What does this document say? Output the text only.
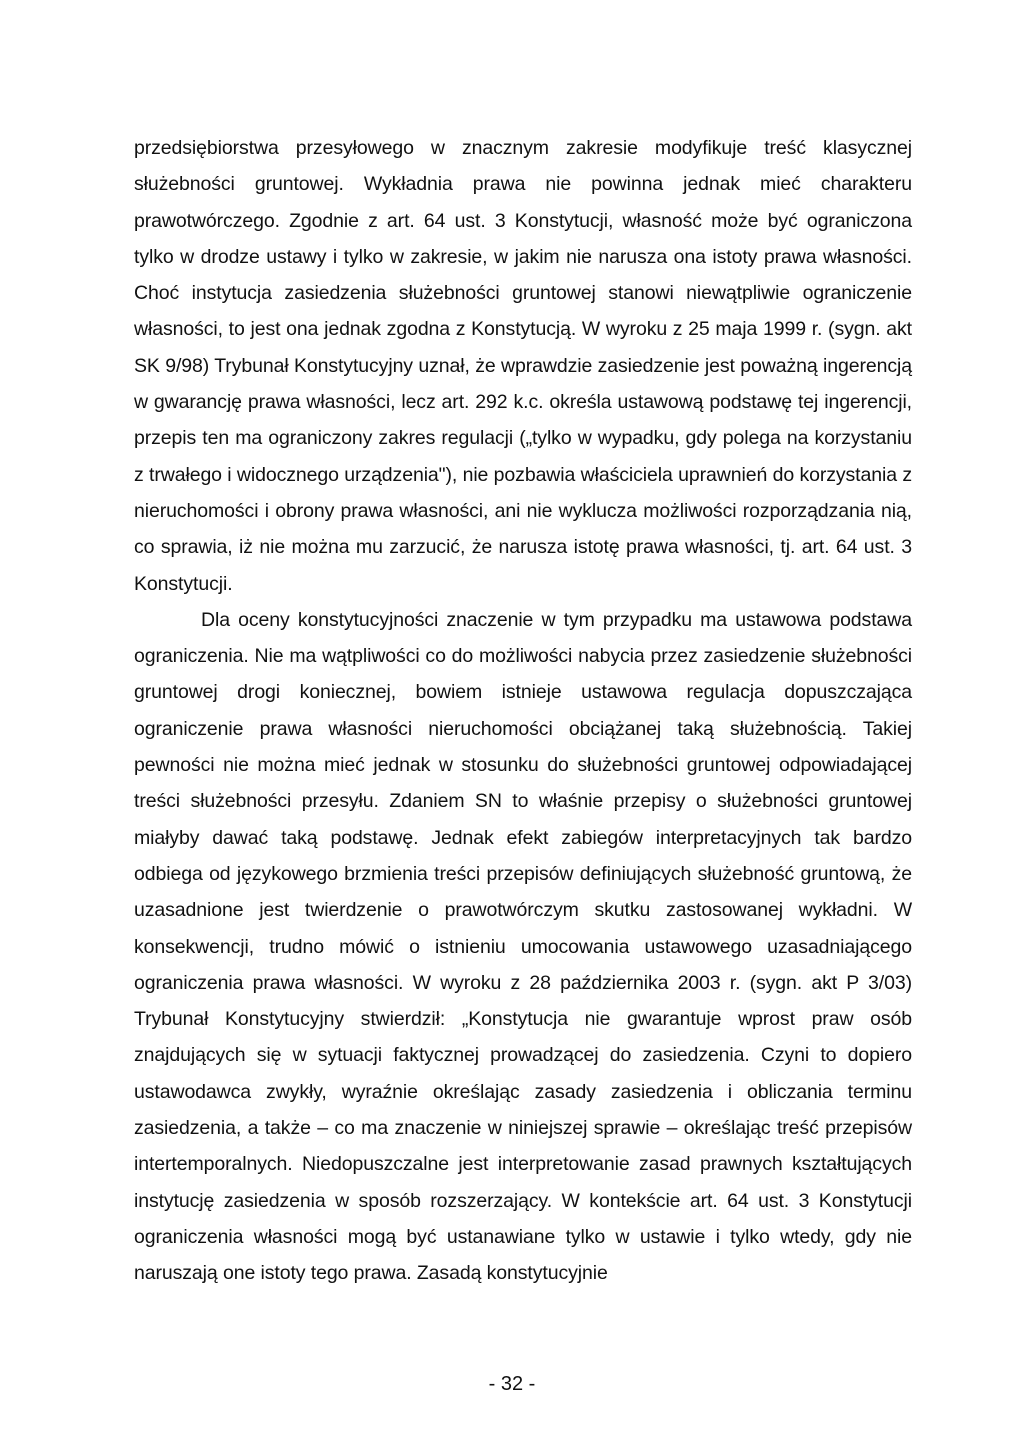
przedsiębiorstwa przesyłowego w znacznym zakresie modyfikuje treść klasycznej służebności gruntowej. Wykładnia prawa nie powinna jednak mieć charakteru prawotwórczego. Zgodnie z art. 64 ust. 3 Konstytucji, własność może być ograniczona tylko w drodze ustawy i tylko w zakresie, w jakim nie narusza ona istoty prawa własności. Choć instytucja zasiedzenia służebności gruntowej stanowi niewątpliwie ograniczenie własności, to jest ona jednak zgodna z Konstytucją. W wyroku z 25 maja 1999 r. (sygn. akt SK 9/98) Trybunał Konstytucyjny uznał, że wprawdzie zasiedzenie jest poważną ingerencją w gwarancję prawa własności, lecz art. 292 k.c. określa ustawową podstawę tej ingerencji, przepis ten ma ograniczony zakres regulacji („tylko w wypadku, gdy polega na korzystaniu z trwałego i widocznego urządzenia"), nie pozbawia właściciela uprawnień do korzystania z nieruchomości i obrony prawa własności, ani nie wyklucza możliwości rozporządzania nią, co sprawia, iż nie można mu zarzucić, że narusza istotę prawa własności, tj. art. 64 ust. 3 Konstytucji.

Dla oceny konstytucyjności znaczenie w tym przypadku ma ustawowa podstawa ograniczenia. Nie ma wątpliwości co do możliwości nabycia przez zasiedzenie służebności gruntowej drogi koniecznej, bowiem istnieje ustawowa regulacja dopuszczająca ograniczenie prawa własności nieruchomości obciążanej taką służebnością. Takiej pewności nie można mieć jednak w stosunku do służebności gruntowej odpowiadającej treści służebności przesyłu. Zdaniem SN to właśnie przepisy o służebności gruntowej miałyby dawać taką podstawę. Jednak efekt zabiegów interpretacyjnych tak bardzo odbiega od językowego brzmienia treści przepisów definiujących służebność gruntową, że uzasadnione jest twierdzenie o prawotwórczym skutku zastosowanej wykładni. W konsekwencji, trudno mówić o istnieniu umocowania ustawowego uzasadniającego ograniczenia prawa własności. W wyroku z 28 października 2003 r. (sygn. akt P 3/03) Trybunał Konstytucyjny stwierdził: „Konstytucja nie gwarantuje wprost praw osób znajdujących się w sytuacji faktycznej prowadzącej do zasiedzenia. Czyni to dopiero ustawodawca zwykły, wyraźnie określając zasady zasiedzenia i obliczania terminu zasiedzenia, a także – co ma znaczenie w niniejszej sprawie – określając treść przepisów intertemporalnych. Niedopuszczalne jest interpretowanie zasad prawnych kształtujących instytucję zasiedzenia w sposób rozszerzający. W kontekście art. 64 ust. 3 Konstytucji ograniczenia własności mogą być ustanawiane tylko w ustawie i tylko wtedy, gdy nie naruszają one istoty tego prawa. Zasadą konstytucyjnie

- 32 -
